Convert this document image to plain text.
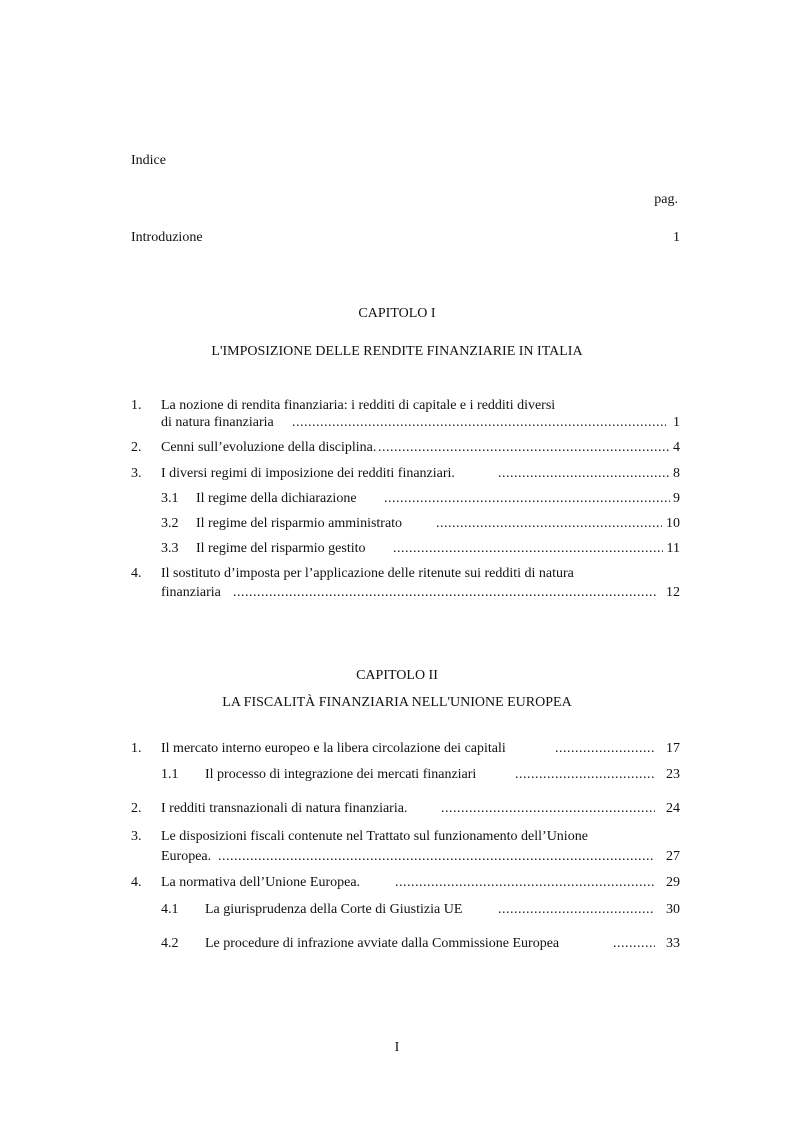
Indice
pag.
Introduzione	1
CAPITOLO I
L'IMPOSIZIONE DELLE RENDITE FINANZIARIE IN ITALIA
1. La nozione di rendita finanziaria: i redditi di capitale e i redditi diversi
di natura finanziaria .....	1
2. Cenni sull’evoluzione della disciplina. .....	4
3. I diversi regimi di imposizione dei redditi finanziari. .....	8
3.1 Il regime della dichiarazione .....	9
3.2 Il regime del risparmio amministrato .....	10
3.3 Il regime del risparmio gestito .....	11
4. Il sostituto d’imposta per l’applicazione delle ritenute sui redditi di natura
finanziaria .....	12
CAPITOLO II
LA FISCALITÀ FINANZIARIA NELL'UNIONE EUROPEA
1. Il mercato interno europeo e la libera circolazione dei capitali .....	17
1.1 Il processo di integrazione dei mercati finanziari .....	23
2. I redditi transnazionali di natura finanziaria. .....	24
3. Le disposizioni fiscali contenute nel Trattato sul funzionamento dell’Unione
Europea. .....	27
4. La normativa dell’Unione Europea. .....	29
4.1 La giurisprudenza della Corte di Giustizia UE .....	30
4.2 Le procedure di infrazione avviate dalla Commissione Europea .....	33
I
